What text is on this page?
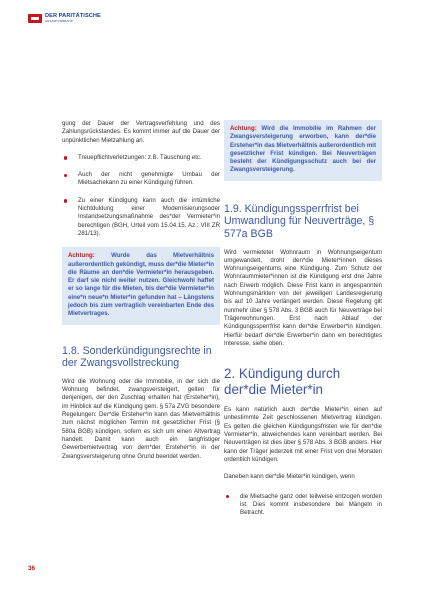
DER PARITÄTISCHE
GESAMTVERBAND

gung der Dauer der Vertragsverfehlung und des Zahlungsrückstandes. Es kommt immer auf die Dauer der unpünktlichen Mietzahlung an.

Treuepflichtverletzungen: z.B. Täuschung etc.
Auch der nicht genehmigte Umbau der Mietsachekann zu einer Kündigung führen.
Zu einer Kündigung kann auch die irrtümliche Nichtduldung einer Modernisierungsoder Instandsetzungsmaßnahme des*der Vermieter*in berechtigen (BGH, Urteil vom 15.04.15, Az.: VIII ZR 281/13).
Achtung:	Wurde das Mietverhältnis außerordentlich gekündigt, muss der*die Mieter*in die Räume an den*die Vermieter*in herausgeben. Er darf sie nicht weiter nutzen. Gleichwohl haftet er so lange für die Mieten, bis der*die Vermieter*in eine*n neue*n Mieter*in gefunden hat – Längstens jedoch bis zum vertraglich vereinbarten Ende des Mietvertrages.
1.8. Sonderkündigungsrechte in der Zwangsvollstreckung

Wird die Wohnung oder die Immobilie, in der sich die Wohnung befindet, zwangsversteigert, gelten für denjenigen, der den Zuschlag erhalten hat (Ersteher*in), im Hinblick auf die Kündigung gem. § 57a ZVG besondere Regelungen: Der*die Ersteher*in kann das Mietverhältnis zum nächst möglichen Termin mit gesetzlicher Frist (§ 580a BGB) kündigen, sofern es sich um einen Altvertrag handelt. Damit kann auch ein langfristiger Gewerbemietvertrag von dem*der Ersteher*in in der Zwangsversteigerung ohne Grund beendet werden.

Achtung: Wird die Immobilie im Rahmen der Zwangsversteigerung erworben, kann der*die Ersteher*in das Mietverhältnis außerordentlich mit gesetzlicher Frist kündigen. Bei Neuverträgen besteht der Kündigungsschutz auch bei der Zwangsversteigerung.
1.9. Kündigungssperrfrist bei Umwandlung für Neuverträge, § 577a BGB

Wird vermieteter Wohnraum in Wohnungseigentum umgewandelt, droht den*die Mieter*innen dieses Wohnungseigentums eine Kündigung. Zum Schutz der Wohnraummieter*innen ist die Kündigung erst drei Jahre nach Erwerb möglich. Diese Frist kann in angespannten Wohnungsmärkten von der jeweiligen Landesregierung bis auf 10 Jahre verlängert werden. Diese Regelung gilt nunmehr über § 578 Abs. 3 BGB auch für Neuverträge bei Trägerwohnungen. Erst nach Ablauf der Kündigungssperrfrist kann der*die Erwerber*in kündigen. Hierfür bedarf der*die Erwerber*in dann ein berechtigtes Interesse, siehe oben.

2. Kündigung durch der*die Mieter*in

Es kann natürlich auch der*die Mieter*in einen auf unbestimmte Zeit geschlossenen Mietvertrag kündigen. Es gelten die gleichen Kündigungsfristen wie für den*die Vermieter*in, abweichendes kann vereinbart werden. Bei Neuverträgen ist dies über § 578 Abs. 3 BGB anders. Hier kann der Träger jederzeit mit einer Frist von drei Monaten ordentlich kündigen.

Daneben kann der*die Mieter*in kündigen, wenn

die Mietsache ganz oder teilweise entzogen worden ist. Dies kommt insbesondere bei Mängeln in Betracht.
36
